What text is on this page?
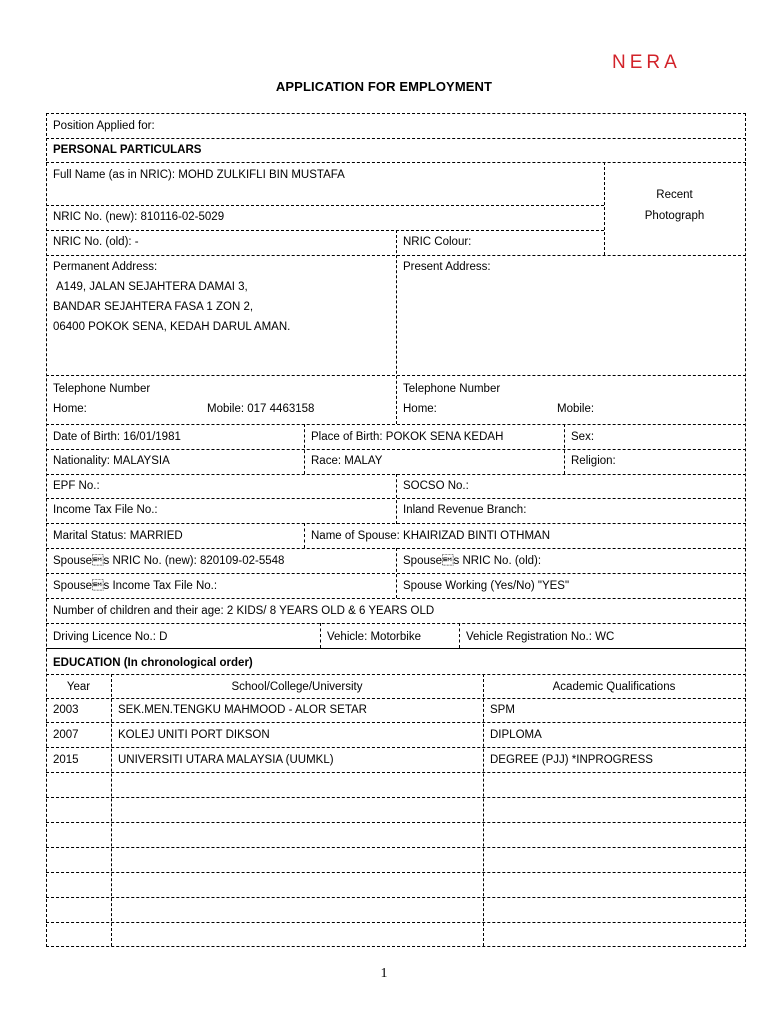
NERA
APPLICATION FOR EMPLOYMENT
Position Applied for:
PERSONAL PARTICULARS
Full Name (as in NRIC): MOHD ZULKIFLI BIN MUSTAFA
Recent
Photograph
NRIC No. (new): 810116-02-5029
NRIC No. (old): -	NRIC Colour:
Permanent Address:
A149, JALAN SEJAHTERA DAMAI 3,
BANDAR SEJAHTERA FASA 1 ZON 2,
06400 POKOK SENA, KEDAH DARUL AMAN.
Present Address:
Telephone Number
Home:	Mobile: 017 4463158
Telephone Number
Home:	Mobile:
Date of Birth: 16/01/1981	Place of Birth: POKOK SENA KEDAH	Sex:
Nationality: MALAYSIA	Race: MALAY	Religion:
EPF No.:	SOCSO No.:
Income Tax File No.:	Inland Revenue Branch:
Marital Status: MARRIED	Name of Spouse: KHAIRIZAD BINTI OTHMAN
Spouses NRIC No. (new): 820109-02-5548	Spouses NRIC No. (old):
Spouses Income Tax File No.:	Spouse Working (Yes/No) "YES"
Number of children and their age: 2 KIDS/ 8 YEARS OLD & 6 YEARS OLD
Driving Licence No.: D	Vehicle: Motorbike	Vehicle Registration No.: WC
EDUCATION (In chronological order)
Year	School/College/University	Academic Qualifications
2003	SEK.MEN.TENGKU MAHMOOD - ALOR SETAR	SPM
2007	KOLEJ UNITI PORT DIKSON	DIPLOMA
2015	UNIVERSITI UTARA MALAYSIA (UUMKL)	DEGREE (PJJ) *INPROGRESS
1
